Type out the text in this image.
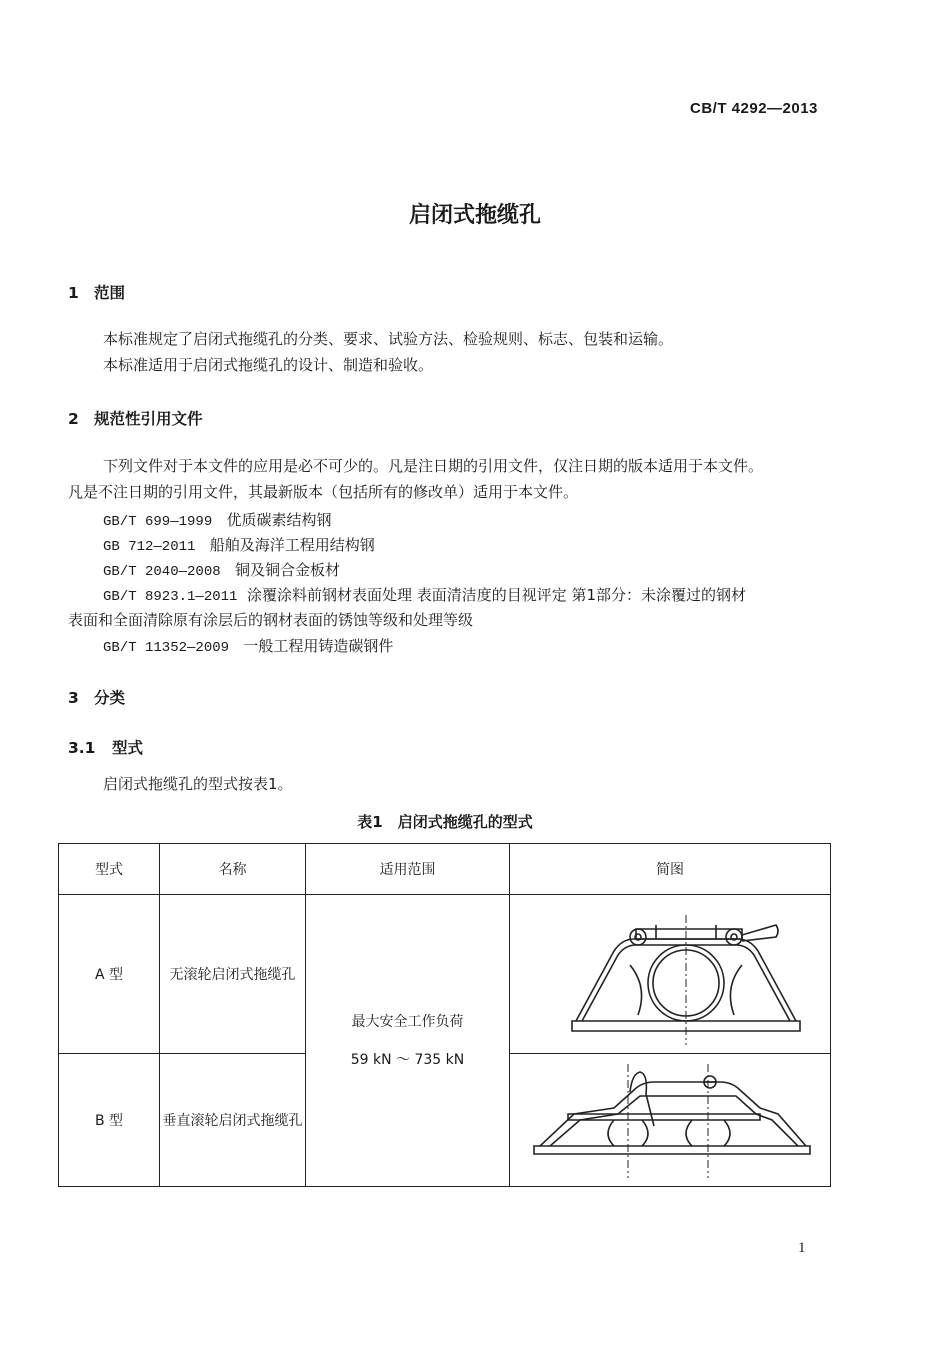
CB/T 4292—2013
启闭式拖缆孔
1 范围
本标准规定了启闭式拖缆孔的分类、要求、试验方法、检验规则、标志、包装和运输。
本标准适用于启闭式拖缆孔的设计、制造和验收。
2 规范性引用文件
下列文件对于本文件的应用是必不可少的。凡是注日期的引用文件，仅注日期的版本适用于本文件。
凡是不注日期的引用文件，其最新版本（包括所有的修改单）适用于本文件。
GB/T 699—1999 优质碳素结构钢
GB 712—2011 船舶及海洋工程用结构钢
GB/T 2040—2008 铜及铜合金板材
GB/T 8923.1—2011 涂覆涂料前钢材表面处理 表面清洁度的目视评定 第1部分：未涂覆过的钢材
表面和全面清除原有涂层后的钢材表面的锈蚀等级和处理等级
GB/T 11352—2009 一般工程用铸造碳钢件
3 分类
3.1 型式
启闭式拖缆孔的型式按表1。
表1　启闭式拖缆孔的型式
型式	名称	适用范围	简图
A 型	无滚轮启闭式拖缆孔	最大安全工作负荷
59 kN ～ 735 kN

B 型	垂直滚轮启闭式拖缆孔	
1
